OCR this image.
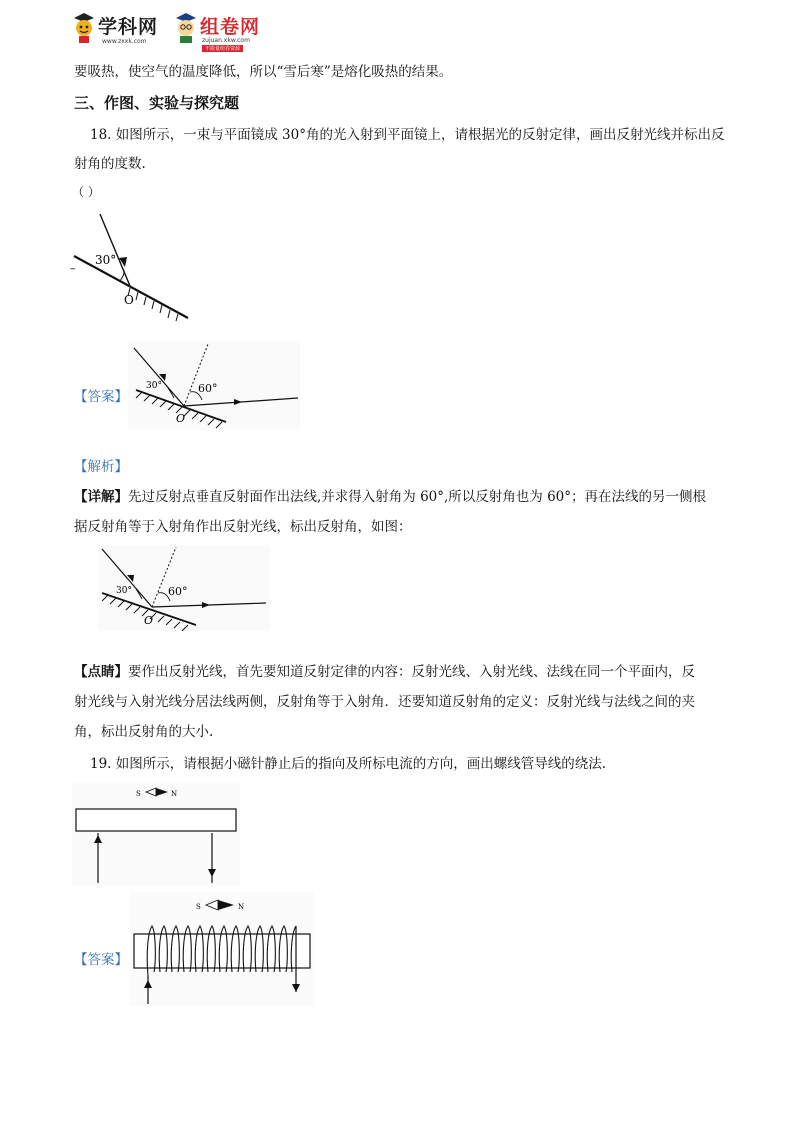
学科网
www.zxxk.com
组卷网
zujuan.xkw.com
不限量组卷资源
要吸热，使空气的温度降低，所以“雪后寒”是熔化吸热的结果。
三、作图、实验与探究题
18. 如图所示，一束与平面镜成 30°角的光入射到平面镜上，请根据光的反射定律，画出反射光线并标出反
射角的度数.
（ ）
30°
O
–
【答案】
30°	60°
O
【解析】
【详解】先过反射点垂直反射面作出法线,并求得入射角为 60°,所以反射角也为 60°；再在法线的另一侧根
据反射角等于入射角作出反射光线，标出反射角，如图：
30°	60°
O
【点睛】要作出反射光线，首先要知道反射定律的内容：反射光线、入射光线、法线在同一个平面内，反
射光线与入射光线分居法线两侧，反射角等于入射角．还要知道反射角的定义：反射光线与法线之间的夹
角，标出反射角的大小.
19. 如图所示，请根据小磁针静止后的指向及所标电流的方向，画出螺线管导线的绕法.
S	N
【答案】
S	N
